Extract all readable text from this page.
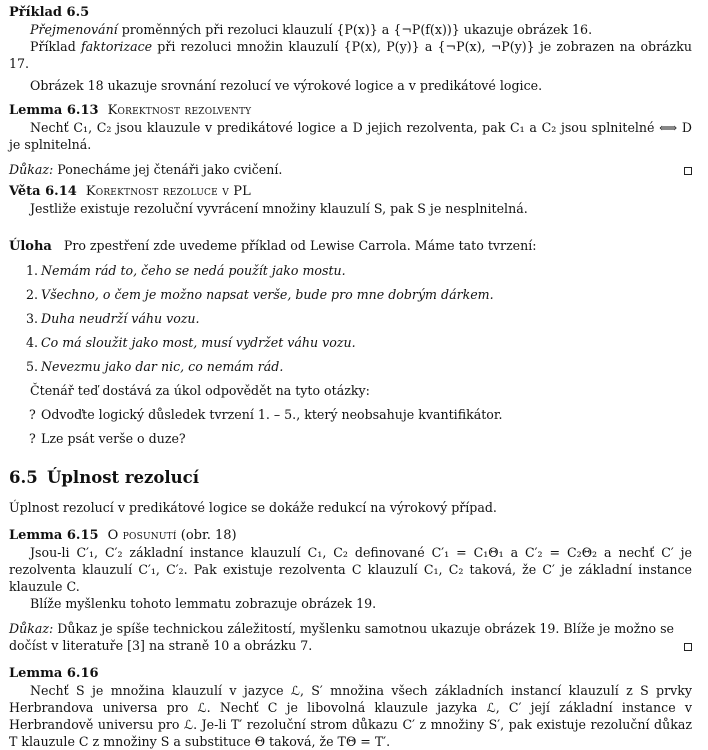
Příklad 6.5

Přejmenování proměnných při rezoluci klauzulí {P(x)} a {¬P(f(x))} ukazuje obrázek 16.

Příklad faktorizace při rezoluci množin klauzulí {P(x), P(y)} a {¬P(x), ¬P(y)} je zobrazen na obrázku 17.

Obrázek 18 ukazuje srovnání rezolucí ve výrokové logice a v predikátové logice.

Lemma 6.13 Korektnost rezolventy

Nechť C₁, C₂ jsou klauzule v predikátové logice a D jejich rezolventa, pak C₁ a C₂ jsou splnitelné ⟺ D je splnitelná.

Důkaz: Ponecháme jej čtenáři jako cvičení.

Věta 6.14 Korektnost rezoluce v PL

Jestliže existuje rezoluční vyvrácení množiny klauzulí S, pak S je nesplnitelná.

Úloha Pro zpestření zde uvedeme příklad od Lewise Carrola. Máme tato tvrzení:

1. Nemám rád to, čeho se nedá použít jako mostu.
2. Všechno, o čem je možno napsat verše, bude pro mne dobrým dárkem.
3. Duha neudrží váhu vozu.
4. Co má sloužit jako most, musí vydržet váhu vozu.
5. Nevezmu jako dar nic, co nemám rád.

Čtenář teď dostává za úkol odpovědět na tyto otázky:

? Odvoďte logický důsledek tvrzení 1. – 5., který neobsahuje kvantifikátor.
? Lze psát verše o duze?

6.5 Úplnost rezolucí

Úplnost rezolucí v predikátové logice se dokáže redukcí na výrokový případ.

Lemma 6.15 O posunutí (obr. 18)

Jsou-li C′₁, C′₂ základní instance klauzulí C₁, C₂ definované C′₁ = C₁Θ₁ a C′₂ = C₂Θ₂ a nechť C′ je rezolventa klauzulí C′₁, C′₂. Pak existuje rezolventa C klauzulí C₁, C₂ taková, že C′ je základní instance klauzule C.

Blíže myšlenku tohoto lemmatu zobrazuje obrázek 19.

Důkaz: Důkaz je spíše technickou záležitostí, myšlenku samotnou ukazuje obrázek 19. Blíže je možno se dočíst v literatuře [3] na straně 10 a obrázku 7.

Lemma 6.16

Nechť S je množina klauzulí v jazyce ℒ, S′ množina všech základních instancí klauzulí z S prvky Herbrandova universa pro ℒ. Nechť C je libovolná klauzule jazyka ℒ, C′ její základní instance v Herbrandově universu pro ℒ. Je-li T′ rezoluční strom důkazu C′ z množiny S′, pak existuje rezoluční důkaz T klauzule C z množiny S a substituce Θ taková, že TΘ = T′.
